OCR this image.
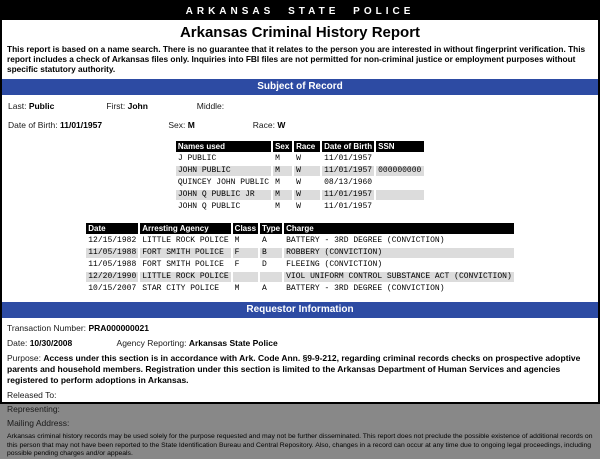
ARKANSAS STATE POLICE
Arkansas Criminal History Report
This report is based on a name search. There is no guarantee that it relates to the person you are interested in without fingerprint verification. This report includes a check of Arkansas files only. Inquiries into FBI files are not permitted for non-criminal justice or employment purposes without specific statutory authority.
Subject of Record
Last: Public	First: John	Middle:
Date of Birth: 11/01/1957	Sex: M	Race: W
Names used	Sex	Race	Date of Birth	SSN
J PUBLIC	M	W	11/01/1957	
JOHN PUBLIC	M	W	11/01/1957	000000000
QUINCEY JOHN PUBLIC	M	W	08/13/1960	
JOHN Q PUBLIC JR	M	W	11/01/1957	
JOHN Q PUBLIC	M	W	11/01/1957	
Date	Arresting Agency	Class	Type	Charge
12/15/1982	LITTLE ROCK POLICE	M	A	BATTERY - 3RD DEGREE (CONVICTION)
11/05/1988	FORT SMITH POLICE	F	B	ROBBERY (CONVICTION)
11/05/1988	FORT SMITH POLICE	F	D	FLEEING (CONVICTION)
12/20/1990	LITTLE ROCK POLICE			VIOL UNIFORM CONTROL SUBSTANCE ACT (CONVICTION)
10/15/2007	STAR CITY POLICE	M	A	BATTERY - 3RD DEGREE (CONVICTION)
Requestor Information
Transaction Number: PRA000000021
Date: 10/30/2008	Agency Reporting: Arkansas State Police
Purpose: Access under this section is in accordance with Ark. Code Ann. §9-9-212, regarding criminal records checks on prospective adoptive parents and household members. Registration under this section is limited to the Arkansas Department of Human Services and agencies registered to perform adoptions in Arkansas.
Released To:
Representing:
Mailing Address:
Arkansas criminal history records may be used solely for the purpose requested and may not be further disseminated. This report does not preclude the possible existence of additional records on this person that may not have been reported to the State Identification Bureau and Central Repository. Also, changes in a record can occur at any time due to ongoing legal proceedings, including possible pending charges and/or appeals.
